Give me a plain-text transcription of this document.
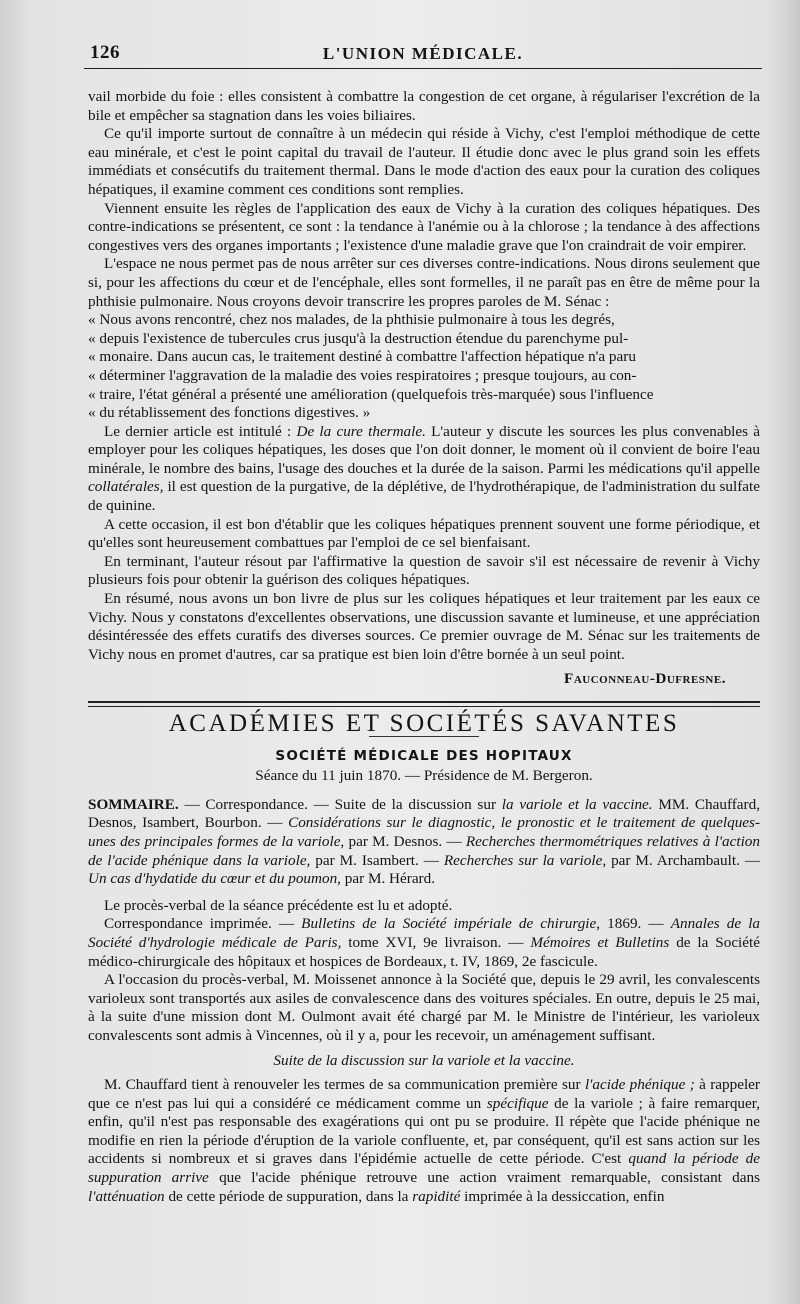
126	L'UNION MÉDICALE.

vail morbide du foie : elles consistent à combattre la congestion de cet organe, à régulariser l'excrétion de la bile et empêcher sa stagnation dans les voies biliaires.

Ce qu'il importe surtout de connaître à un médecin qui réside à Vichy, c'est l'emploi méthodique de cette eau minérale, et c'est le point capital du travail de l'auteur. Il étudie donc avec le plus grand soin les effets immédiats et consécutifs du traitement thermal. Dans le mode d'action des eaux pour la curation des coliques hépatiques, il examine comment ces conditions sont remplies.

Viennent ensuite les règles de l'application des eaux de Vichy à la curation des coliques hépatiques. Des contre-indications se présentent, ce sont : la tendance à l'anémie ou à la chlorose ; la tendance à des affections congestives vers des organes importants ; l'existence d'une maladie grave que l'on craindrait de voir empirer.

L'espace ne nous permet pas de nous arrêter sur ces diverses contre-indications. Nous dirons seulement que si, pour les affections du cœur et de l'encéphale, elles sont formelles, il ne paraît pas en être de même pour la phthisie pulmonaire. Nous croyons devoir transcrire les propres paroles de M. Sénac :

« Nous avons rencontré, chez nos malades, de la phthisie pulmonaire à tous les degrés,

« depuis l'existence de tubercules crus jusqu'à la destruction étendue du parenchyme pul-

« monaire. Dans aucun cas, le traitement destiné à combattre l'affection hépatique n'a paru

« déterminer l'aggravation de la maladie des voies respiratoires ; presque toujours, au con-

« traire, l'état général a présenté une amélioration (quelquefois très-marquée) sous l'influence

« du rétablissement des fonctions digestives. »

Le dernier article est intitulé : De la cure thermale. L'auteur y discute les sources les plus convenables à employer pour les coliques hépatiques, les doses que l'on doit donner, le moment où il convient de boire l'eau minérale, le nombre des bains, l'usage des douches et la durée de la saison. Parmi les médications qu'il appelle collatérales, il est question de la purgative, de la déplétive, de l'hydrothérapique, de l'administration du sulfate de quinine.

A cette occasion, il est bon d'établir que les coliques hépatiques prennent souvent une forme périodique, et qu'elles sont heureusement combattues par l'emploi de ce sel bienfaisant.

En terminant, l'auteur résout par l'affirmative la question de savoir s'il est nécessaire de revenir à Vichy plusieurs fois pour obtenir la guérison des coliques hépatiques.

En résumé, nous avons un bon livre de plus sur les coliques hépatiques et leur traitement par les eaux ce Vichy. Nous y constatons d'excellentes observations, une discussion savante et lumineuse, et une appréciation désintéressée des effets curatifs des diverses sources. Ce premier ouvrage de M. Sénac sur les traitements de Vichy nous en promet d'autres, car sa pratique est bien loin d'être bornée à un seul point.

Fauconneau-Dufresne.

ACADÉMIES ET SOCIÉTÉS SAVANTES

SOCIÉTÉ MÉDICALE DES HOPITAUX

Séance du 11 juin 1870. — Présidence de M. Bergeron.

SOMMAIRE. — Correspondance. — Suite de la discussion sur la variole et la vaccine. MM. Chauffard, Desnos, Isambert, Bourbon. — Considérations sur le diagnostic, le pronostic et le traitement de quelques-unes des principales formes de la variole, par M. Desnos. — Recherches thermométriques relatives à l'action de l'acide phénique dans la variole, par M. Isambert. — Recherches sur la variole, par M. Archambault. — Un cas d'hydatide du cœur et du poumon, par M. Hérard.

Le procès-verbal de la séance précédente est lu et adopté.

Correspondance imprimée. — Bulletins de la Société impériale de chirurgie, 1869. — Annales de la Société d'hydrologie médicale de Paris, tome XVI, 9e livraison. — Mémoires et Bulletins de la Société médico-chirurgicale des hôpitaux et hospices de Bordeaux, t. IV, 1869, 2e fascicule.

A l'occasion du procès-verbal, M. Moissenet annonce à la Société que, depuis le 29 avril, les convalescents varioleux sont transportés aux asiles de convalescence dans des voitures spéciales. En outre, depuis le 25 mai, à la suite d'une mission dont M. Oulmont avait été chargé par M. le Ministre de l'intérieur, les varioleux convalescents sont admis à Vincennes, où il y a, pour les recevoir, un aménagement suffisant.

Suite de la discussion sur la variole et la vaccine.

M. Chauffard tient à renouveler les termes de sa communication première sur l'acide phénique ; à rappeler que ce n'est pas lui qui a considéré ce médicament comme un spécifique de la variole ; à faire remarquer, enfin, qu'il n'est pas responsable des exagérations qui ont pu se produire. Il répète que l'acide phénique ne modifie en rien la période d'éruption de la variole confluente, et, par conséquent, qu'il est sans action sur les accidents si nombreux et si graves dans l'épidémie actuelle de cette période. C'est quand la période de suppuration arrive que l'acide phénique retrouve une action vraiment remarquable, consistant dans l'atténuation de cette période de suppuration, dans la rapidité imprimée à la dessiccation, enfin
